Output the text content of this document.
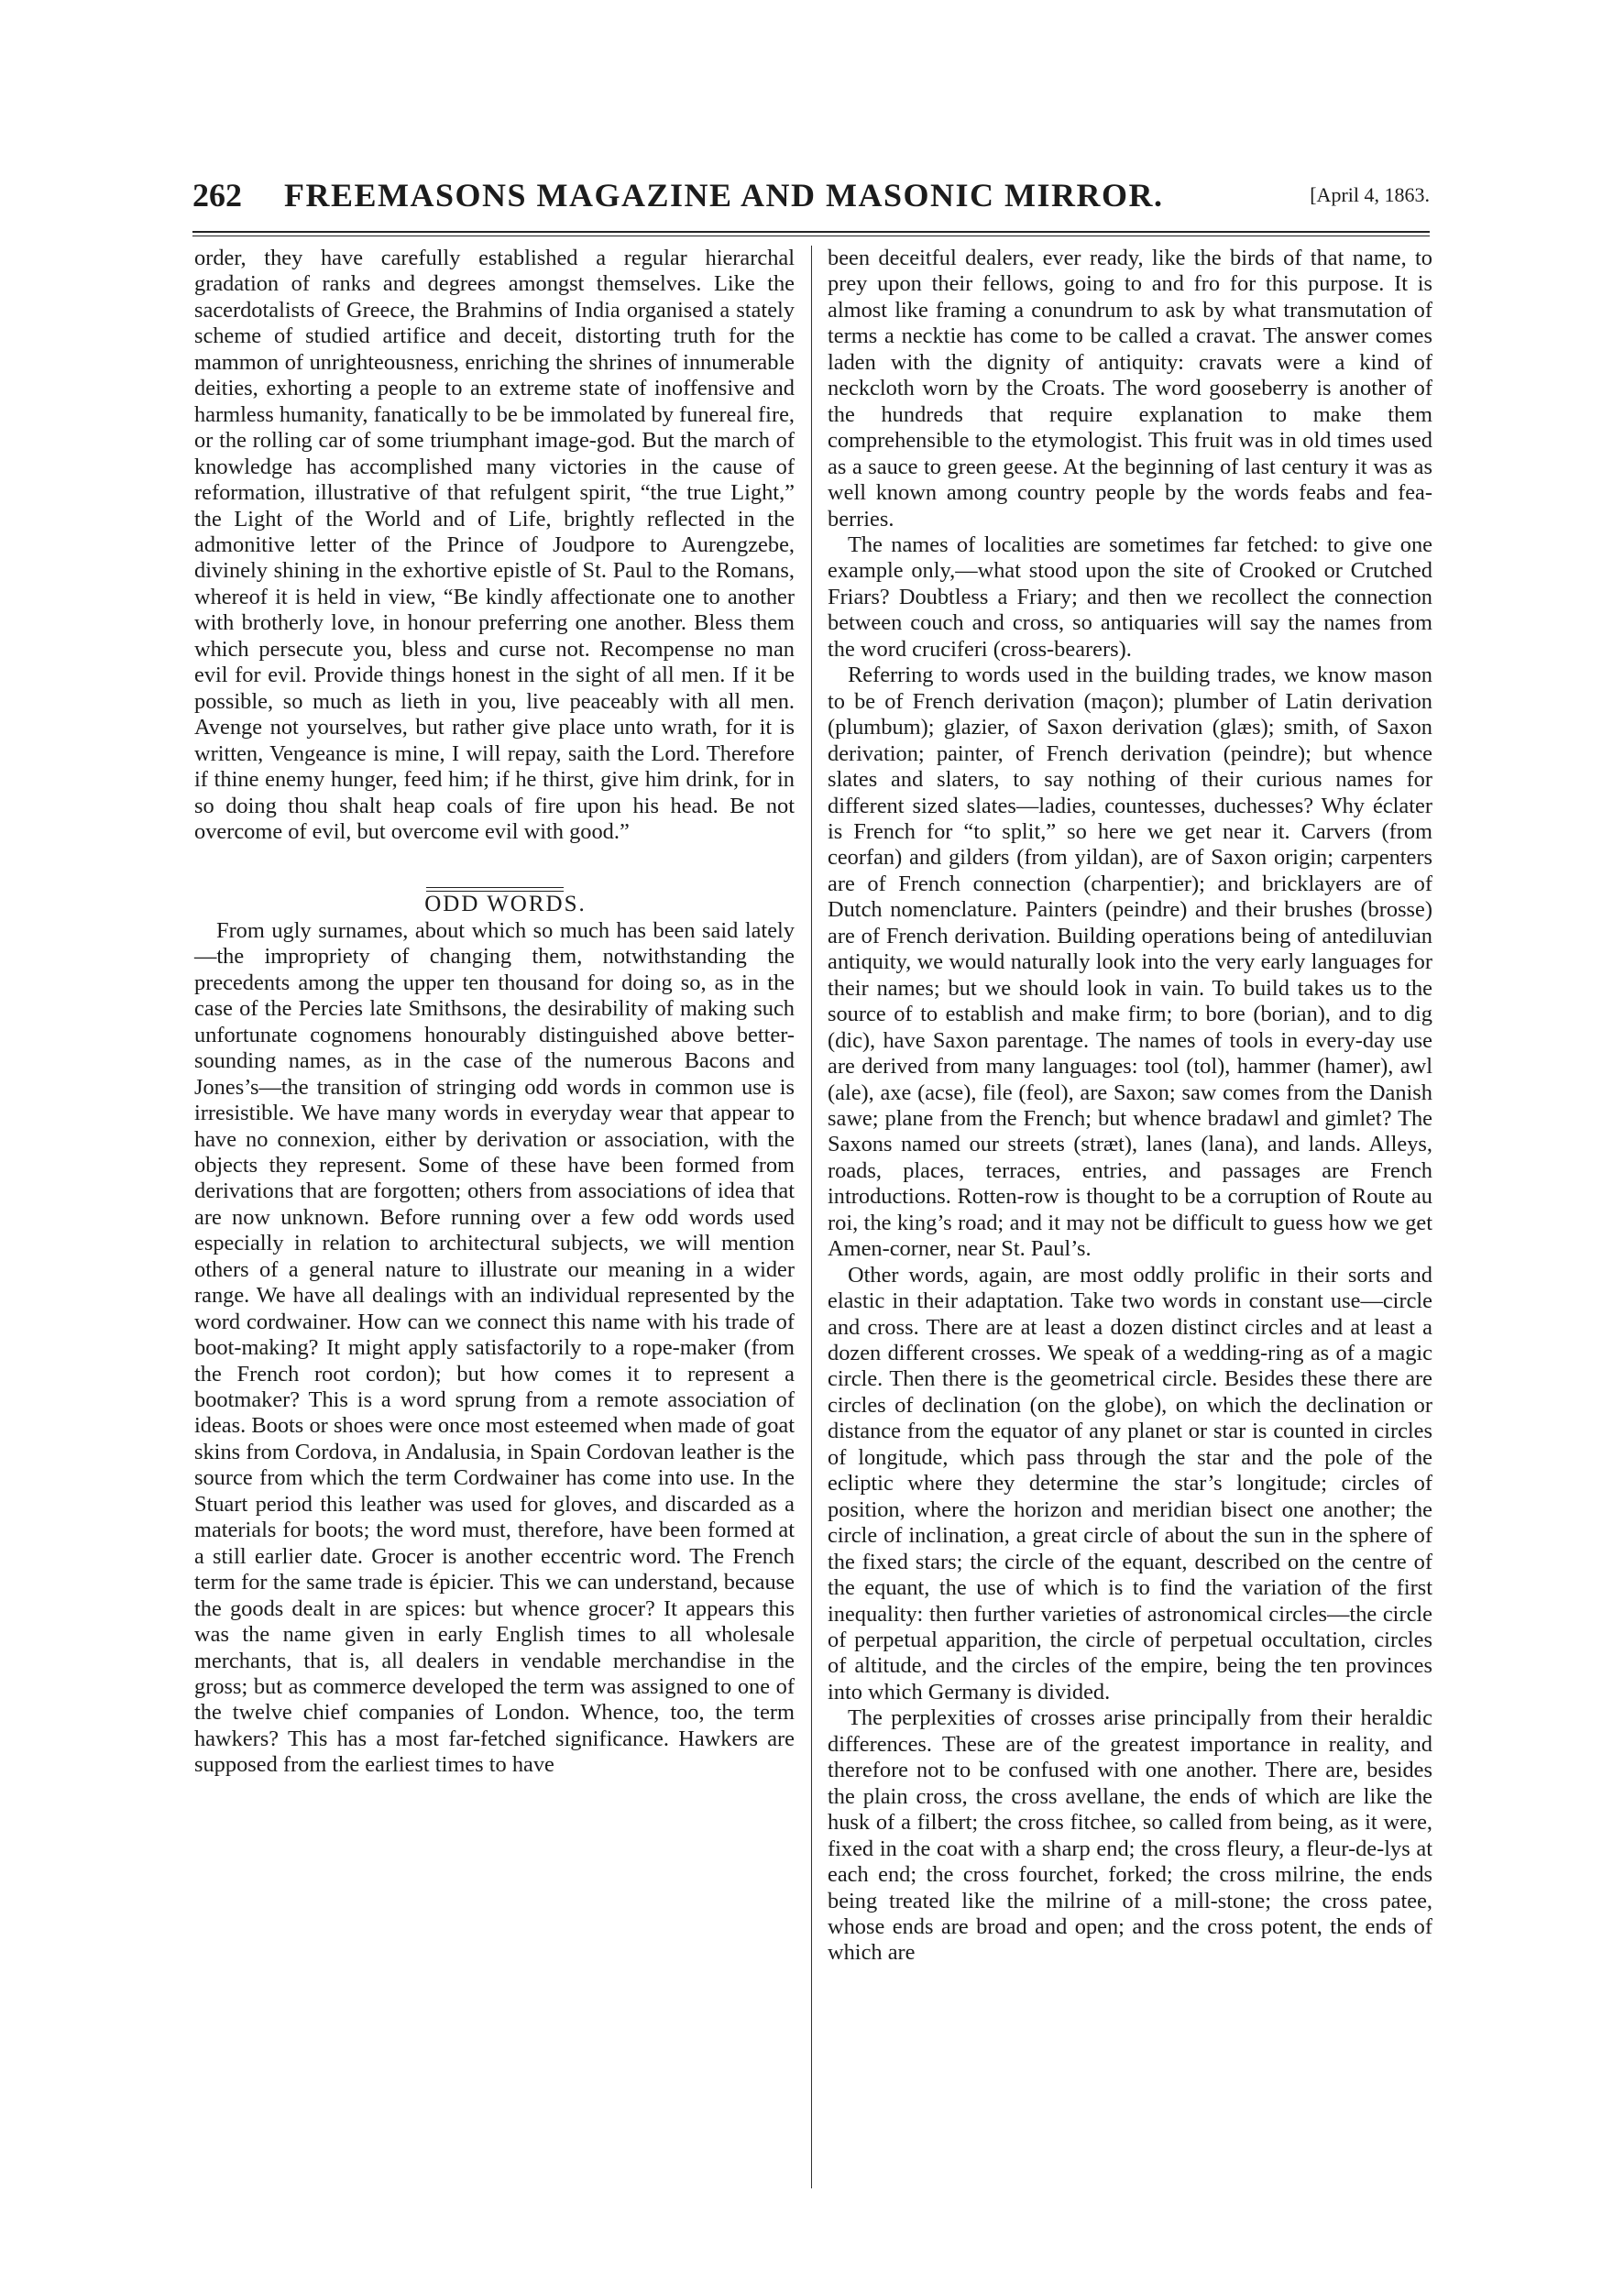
262 FREEMASONS MAGAZINE AND MASONIC MIRROR.	[April 4, 1863.

order, they have carefully established a regular hierarchal gradation of ranks and degrees amongst themselves. Like the sacerdotalists of Greece, the Brahmins of India organised a stately scheme of studied artifice and deceit, distorting truth for the mammon of unrighteousness, enriching the shrines of innumerable deities, exhorting a people to an extreme state of inoffensive and harmless humanity, fanatically to be be immolated by funereal fire, or the rolling car of some triumphant image-god. But the march of knowledge has accomplished many victories in the cause of reformation, illustrative of that refulgent spirit, “the true Light,” the Light of the World and of Life, brightly reflected in the admonitive letter of the Prince of Joudpore to Aurengzebe, divinely shining in the exhortive epistle of St. Paul to the Romans, whereof it is held in view, “Be kindly affectionate one to another with brotherly love, in honour preferring one another. Bless them which persecute you, bless and curse not. Recompense no man evil for evil. Provide things honest in the sight of all men. If it be possible, so much as lieth in you, live peaceably with all men. Avenge not yourselves, but rather give place unto wrath, for it is written, Vengeance is mine, I will repay, saith the Lord. Therefore if thine enemy hunger, feed him; if he thirst, give him drink, for in so doing thou shalt heap coals of fire upon his head. Be not overcome of evil, but overcome evil with good.”

ODD WORDS.

From ugly surnames, about which so much has been said lately—the impropriety of changing them, notwithstanding the precedents among the upper ten thousand for doing so, as in the case of the Percies late Smithsons, the desirability of making such unfortunate cognomens honourably distinguished above better-sounding names, as in the case of the numerous Bacons and Jones’s—the transition of stringing odd words in common use is irresistible. We have many words in everyday wear that appear to have no connexion, either by derivation or association, with the objects they represent. Some of these have been formed from derivations that are forgotten; others from associations of idea that are now unknown. Before running over a few odd words used especially in relation to architectural subjects, we will mention others of a general nature to illustrate our meaning in a wider range. We have all dealings with an individual represented by the word cordwainer. How can we connect this name with his trade of boot-making? It might apply satisfactorily to a rope-maker (from the French root cordon); but how comes it to represent a bootmaker? This is a word sprung from a remote association of ideas. Boots or shoes were once most esteemed when made of goat skins from Cordova, in Andalusia, in Spain Cordovan leather is the source from which the term Cordwainer has come into use. In the Stuart period this leather was used for gloves, and discarded as a materials for boots; the word must, therefore, have been formed at a still earlier date. Grocer is another eccentric word. The French term for the same trade is épicier. This we can understand, because the goods dealt in are spices: but whence grocer? It appears this was the name given in early English times to all wholesale merchants, that is, all dealers in vendable merchandise in the gross; but as commerce developed the term was assigned to one of the twelve chief companies of London. Whence, too, the term hawkers? This has a most far-fetched significance. Hawkers are supposed from the earliest times to have

been deceitful dealers, ever ready, like the birds of that name, to prey upon their fellows, going to and fro for this purpose. It is almost like framing a conundrum to ask by what transmutation of terms a necktie has come to be called a cravat. The answer comes laden with the dignity of antiquity: cravats were a kind of neckcloth worn by the Croats. The word gooseberry is another of the hundreds that require explanation to make them comprehensible to the etymologist. This fruit was in old times used as a sauce to green geese. At the beginning of last century it was as well known among country people by the words feabs and fea-berries.

The names of localities are sometimes far fetched: to give one example only,—what stood upon the site of Crooked or Crutched Friars? Doubtless a Friary; and then we recollect the connection between couch and cross, so antiquaries will say the names from the word cruciferi (cross-bearers).

Referring to words used in the building trades, we know mason to be of French derivation (maçon); plumber of Latin derivation (plumbum); glazier, of Saxon derivation (glæs); smith, of Saxon derivation; painter, of French derivation (peindre); but whence slates and slaters, to say nothing of their curious names for different sized slates—ladies, countesses, duchesses? Why éclater is French for “to split,” so here we get near it. Carvers (from ceorfan) and gilders (from yildan), are of Saxon origin; carpenters are of French connection (charpentier); and bricklayers are of Dutch nomenclature. Painters (peindre) and their brushes (brosse) are of French derivation. Building operations being of antediluvian antiquity, we would naturally look into the very early languages for their names; but we should look in vain. To build takes us to the source of to establish and make firm; to bore (borian), and to dig (dic), have Saxon parentage. The names of tools in every-day use are derived from many languages: tool (tol), hammer (hamer), awl (ale), axe (acse), file (feol), are Saxon; saw comes from the Danish sawe; plane from the French; but whence bradawl and gimlet? The Saxons named our streets (stræt), lanes (lana), and lands. Alleys, roads, places, terraces, entries, and passages are French introductions. Rotten-row is thought to be a corruption of Route au roi, the king’s road; and it may not be difficult to guess how we get Amen-corner, near St. Paul’s.

Other words, again, are most oddly prolific in their sorts and elastic in their adaptation. Take two words in constant use—circle and cross. There are at least a dozen distinct circles and at least a dozen different crosses. We speak of a wedding-ring as of a magic circle. Then there is the geometrical circle. Besides these there are circles of declination (on the globe), on which the declination or distance from the equator of any planet or star is counted in circles of longitude, which pass through the star and the pole of the ecliptic where they determine the star’s longitude; circles of position, where the horizon and meridian bisect one another; the circle of inclination, a great circle of about the sun in the sphere of the fixed stars; the circle of the equant, described on the centre of the equant, the use of which is to find the variation of the first inequality: then further varieties of astronomical circles—the circle of perpetual apparition, the circle of perpetual occultation, circles of altitude, and the circles of the empire, being the ten provinces into which Germany is divided.

The perplexities of crosses arise principally from their heraldic differences. These are of the greatest importance in reality, and therefore not to be confused with one another. There are, besides the plain cross, the cross avellane, the ends of which are like the husk of a filbert; the cross fitchee, so called from being, as it were, fixed in the coat with a sharp end; the cross fleury, a fleur-de-lys at each end; the cross fourchet, forked; the cross milrine, the ends being treated like the milrine of a mill-stone; the cross patee, whose ends are broad and open; and the cross potent, the ends of which are
